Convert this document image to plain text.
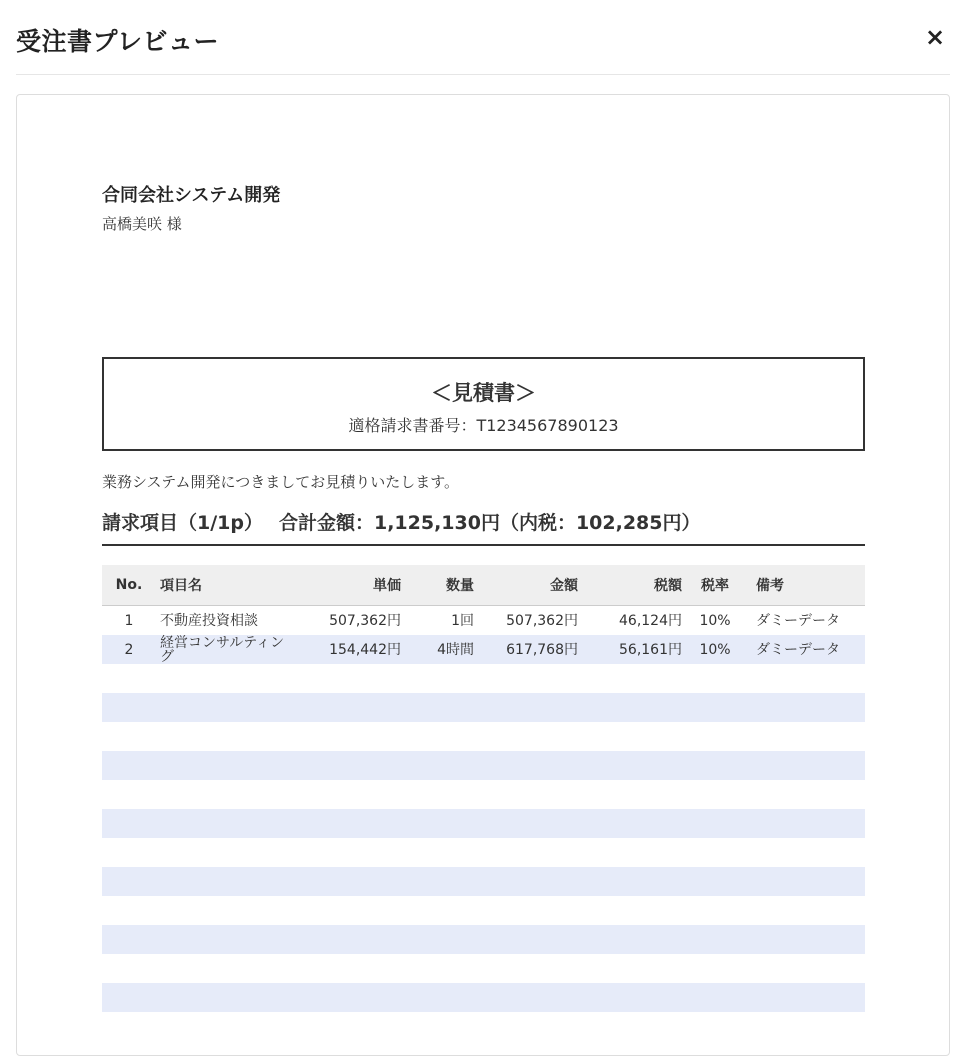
受注書プレビュー	×
合同会社システム開発
高橋美咲 様
＜見積書＞
適格請求書番号：T1234567890123
業務システム開発につきましてお見積りいたします。
請求項目（1/1p） 合計金額：1,125,130円（内税：102,285円）
No.	項目名	単価	数量	金額	税額	税率	備考
1	不動産投資相談	507,362円	1回	507,362円	46,124円	10%	ダミーデータ
2	経営コンサルティング	154,442円	4時間	617,768円	56,161円	10%	ダミーデータ
